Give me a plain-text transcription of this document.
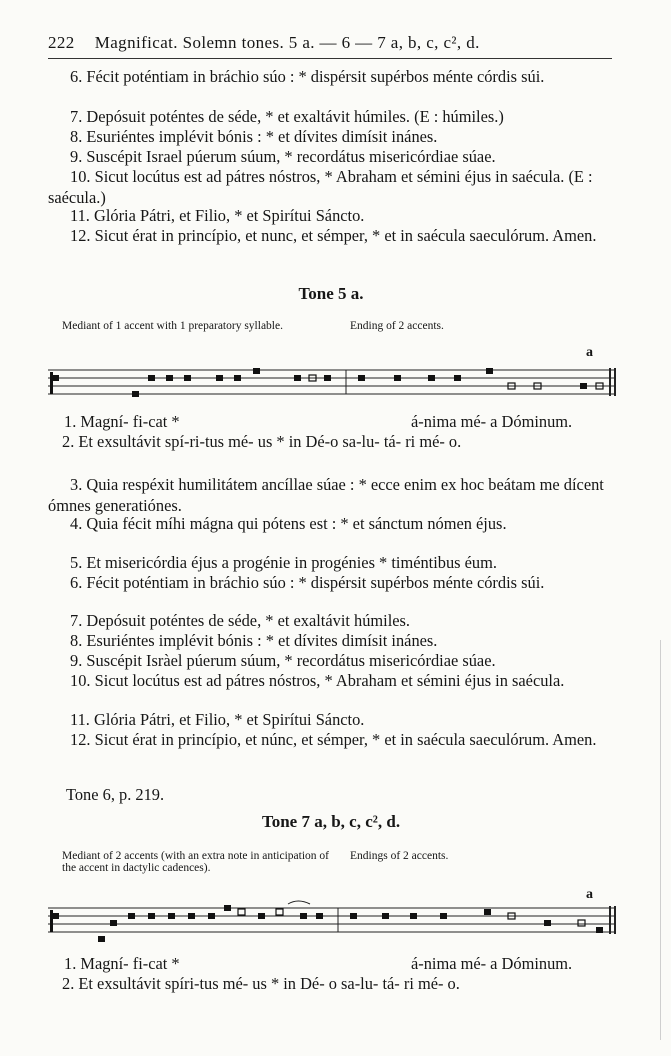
222 Magnificat. Solemn tones. 5 a. — 6 — 7 a, b, c, c², d.
6. Fécit poténtiam in bráchio súo : * dispérsit supérbos ménte córdis súi.
7. Depósuit poténtes de séde, * et exaltávit húmiles. (E : húmiles.)
8. Esuriéntes implévit bónis : * et dívites dimísit inánes.
9. Suscépit Israel púerum súum, * recordátus misericórdiae súae.
10. Sicut locútus est ad pátres nóstros, * Abraham et sémini éjus in saécula. (E : saécula.)
11. Glória Pátri, et Filio, * et Spirítui Sáncto.
12. Sicut érat in princípio, et nunc, et sémper, * et in saécula saeculórum. Amen.
Tone 5 a.
Mediant of 1 accent with 1 preparatory syllable.	Ending of 2 accents.
a
1. Magní- fi-cat *	á-nima mé- a Dóminum.
2. Et exsultávit spí-ri-tus mé- us * in Dé-o sa-lu- tá- ri mé- o.
3. Quia respéxit humilitátem ancíllae súae : * ecce enim ex hoc beátam me dícent ómnes generatiónes.
4. Quia fécit míhi mágna qui pótens est : * et sánctum nómen éjus.
5. Et misericórdia éjus a progénie in progénies * timéntibus éum.
6. Fécit poténtiam in bráchio súo : * dispérsit supérbos ménte córdis súi.
7. Depósuit poténtes de séde, * et exaltávit húmiles.
8. Esuriéntes implévit bónis : * et dívites dimísit inánes.
9. Suscépit Isràel púerum súum, * recordátus misericórdiae súae.
10. Sicut locútus est ad pátres nóstros, * Abraham et sémini éjus in saécula.
11. Glória Pátri, et Filio, * et Spirítui Sáncto.
12. Sicut érat in princípio, et núnc, et sémper, * et in saécula saeculórum. Amen.
Tone 6, p. 219.
Tone 7 a, b, c, c², d.
Mediant of 2 accents (with an extra note in anticipation of the accent in dactylic cadences).
Endings of 2 accents.
a
1. Magní- fi-cat *	á-nima mé- a Dóminum.
2. Et exsultávit spíri-tus mé- us * in Dé- o sa-lu- tá- ri mé- o.
